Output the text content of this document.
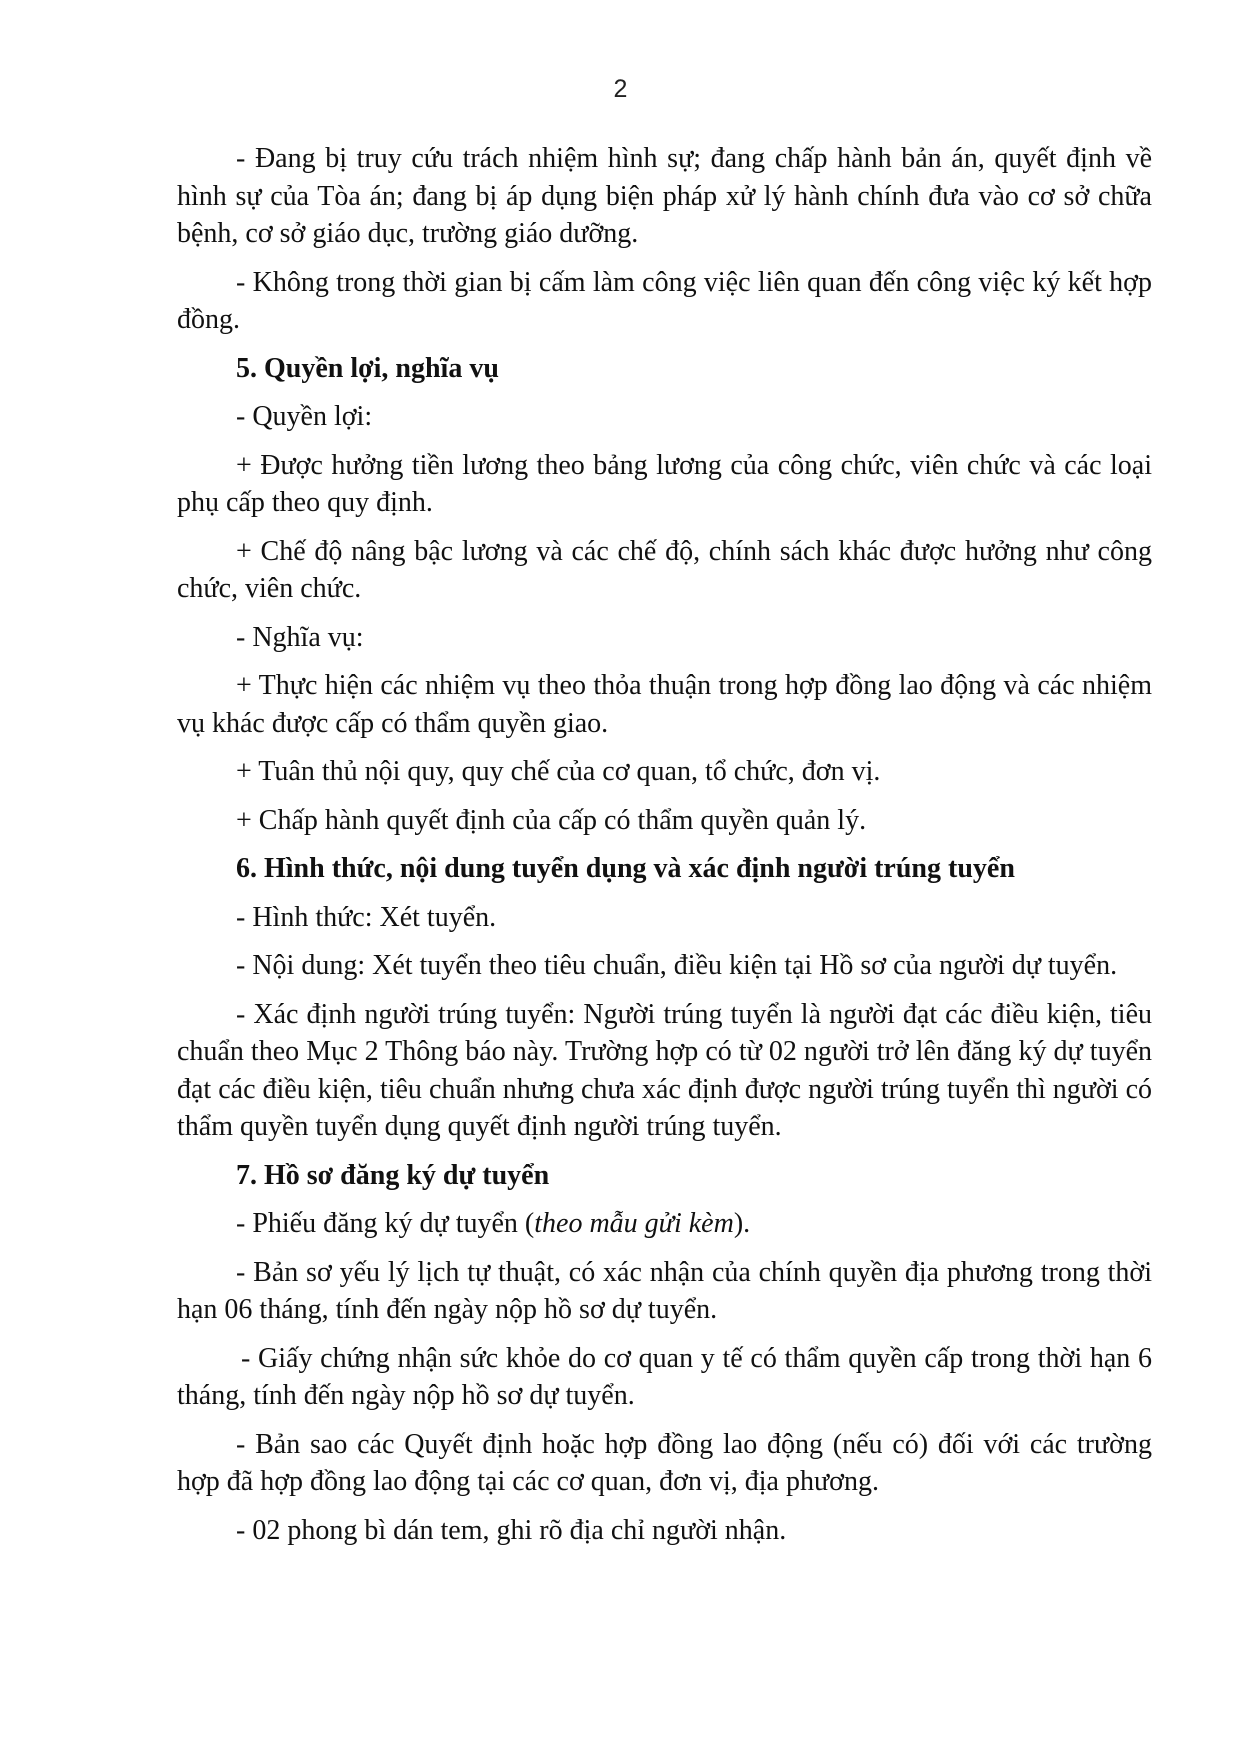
2

- Đang bị truy cứu trách nhiệm hình sự; đang chấp hành bản án, quyết định về hình sự của Tòa án; đang bị áp dụng biện pháp xử lý hành chính đưa vào cơ sở chữa bệnh, cơ sở giáo dục, trường giáo dưỡng.

- Không trong thời gian bị cấm làm công việc liên quan đến công việc ký kết hợp đồng.

5. Quyền lợi, nghĩa vụ

- Quyền lợi:

+ Được hưởng tiền lương theo bảng lương của công chức, viên chức và các loại phụ cấp theo quy định.

+ Chế độ nâng bậc lương và các chế độ, chính sách khác được hưởng như công chức, viên chức.

- Nghĩa vụ:

+ Thực hiện các nhiệm vụ theo thỏa thuận trong hợp đồng lao động và các nhiệm vụ khác được cấp có thẩm quyền giao.

+ Tuân thủ nội quy, quy chế của cơ quan, tổ chức, đơn vị.

+ Chấp hành quyết định của cấp có thẩm quyền quản lý.

6. Hình thức, nội dung tuyển dụng và xác định người trúng tuyển

- Hình thức: Xét tuyển.

- Nội dung: Xét tuyển theo tiêu chuẩn, điều kiện tại Hồ sơ của người dự tuyển.

- Xác định người trúng tuyển: Người trúng tuyển là người đạt các điều kiện, tiêu chuẩn theo Mục 2 Thông báo này. Trường hợp có từ 02 người trở lên đăng ký dự tuyển đạt các điều kiện, tiêu chuẩn nhưng chưa xác định được người trúng tuyển thì người có thẩm quyền tuyển dụng quyết định người trúng tuyển.

7. Hồ sơ đăng ký dự tuyển

- Phiếu đăng ký dự tuyển (theo mẫu gửi kèm).

- Bản sơ yếu lý lịch tự thuật, có xác nhận của chính quyền địa phương trong thời hạn 06 tháng, tính đến ngày nộp hồ sơ dự tuyển.

- Giấy chứng nhận sức khỏe do cơ quan y tế có thẩm quyền cấp trong thời hạn 6 tháng, tính đến ngày nộp hồ sơ dự tuyển.

- Bản sao các Quyết định hoặc hợp đồng lao động (nếu có) đối với các trường hợp đã hợp đồng lao động tại các cơ quan, đơn vị, địa phương.

- 02 phong bì dán tem, ghi rõ địa chỉ người nhận.
